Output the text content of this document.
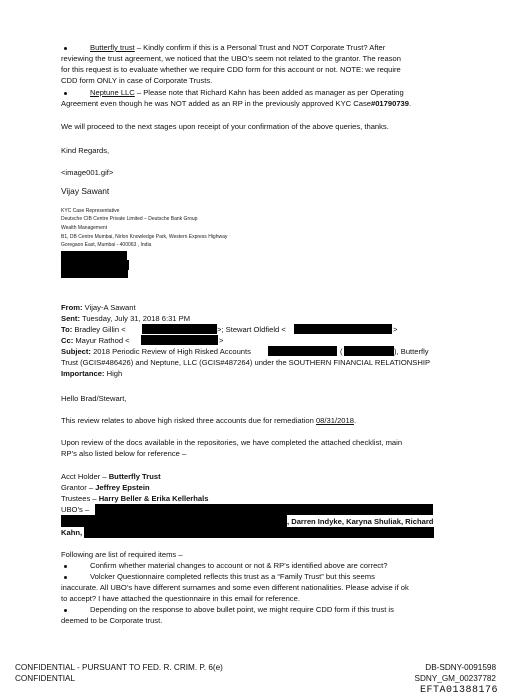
Butterfly trust – Kindly confirm if this is a Personal Trust and NOT Corporate Trust? After
reviewing the trust agreement, we noticed that the UBO’s seem not related to the grantor. The reason
for this request is to evaluate whether we require CDD form for this account or not. NOTE: we require
CDD form ONLY in case of Corporate Trusts.
Neptune LLC – Please note that Richard Kahn has been added as manager as per Operating
Agreement even though he was NOT added as an RP in the previously approved KYC Case#01790739.
We will proceed to the next stages upon receipt of your confirmation of the above queries, thanks.
Kind Regards,
<image001.gif>
Vijay Sawant
KYC Case Representative
Deutsche CIB Centre Private Limited – Deutsche Bank Group
Wealth Management
B1, DB Centre Mumbai, Nirlon Knowledge Park, Western Express Highway
Goregaon East, Mumbai - 400063 , India
From: Vijay-A Sawant
Sent: Tuesday, July 31, 2018 6:31 PM
To: Bradley Gillin <	>; Stewart Oldfield <	>
Cc: Mayur Rathod <	>
Subject: 2018 Periodic Review of High Risked Accounts	(	), Butterfly
Trust (GCIS#486426) and Neptune, LLC (GCIS#487264) under the SOUTHERN FINANCIAL RELATIONSHIP
Importance: High
Hello Brad/Stewart,
This review relates to above high risked three accounts due for remediation 08/31/2018.
Upon review of the docs available in the repositories, we have completed the attached checklist, main
RP’s also listed below for reference –
Acct Holder – Butterfly Trust
Grantor – Jeffrey Epstein
Trustees – Harry Beller & Erika Kellerhals
UBO’s –
, Darren Indyke, Karyna Shuliak, Richard
Kahn,
Following are list of required items –
Confirm whether material changes to account or not & RP’s identified above are correct?
Volcker Questionnaire completed reflects this trust as a “Family Trust” but this seems
inaccurate. All UBO’s have different surnames and some even different nationalities. Please advise if ok
to accept? I have attached the questionnaire in this email for reference.
Depending on the response to above bullet point, we might require CDD form if this trust is
deemed to be Corporate trust.
CONFIDENTIAL - PURSUANT TO FED. R. CRIM. P. 6(e)
CONFIDENTIAL
DB-SDNY-0091598
SDNY_GM_00237782
EFTA01388176
